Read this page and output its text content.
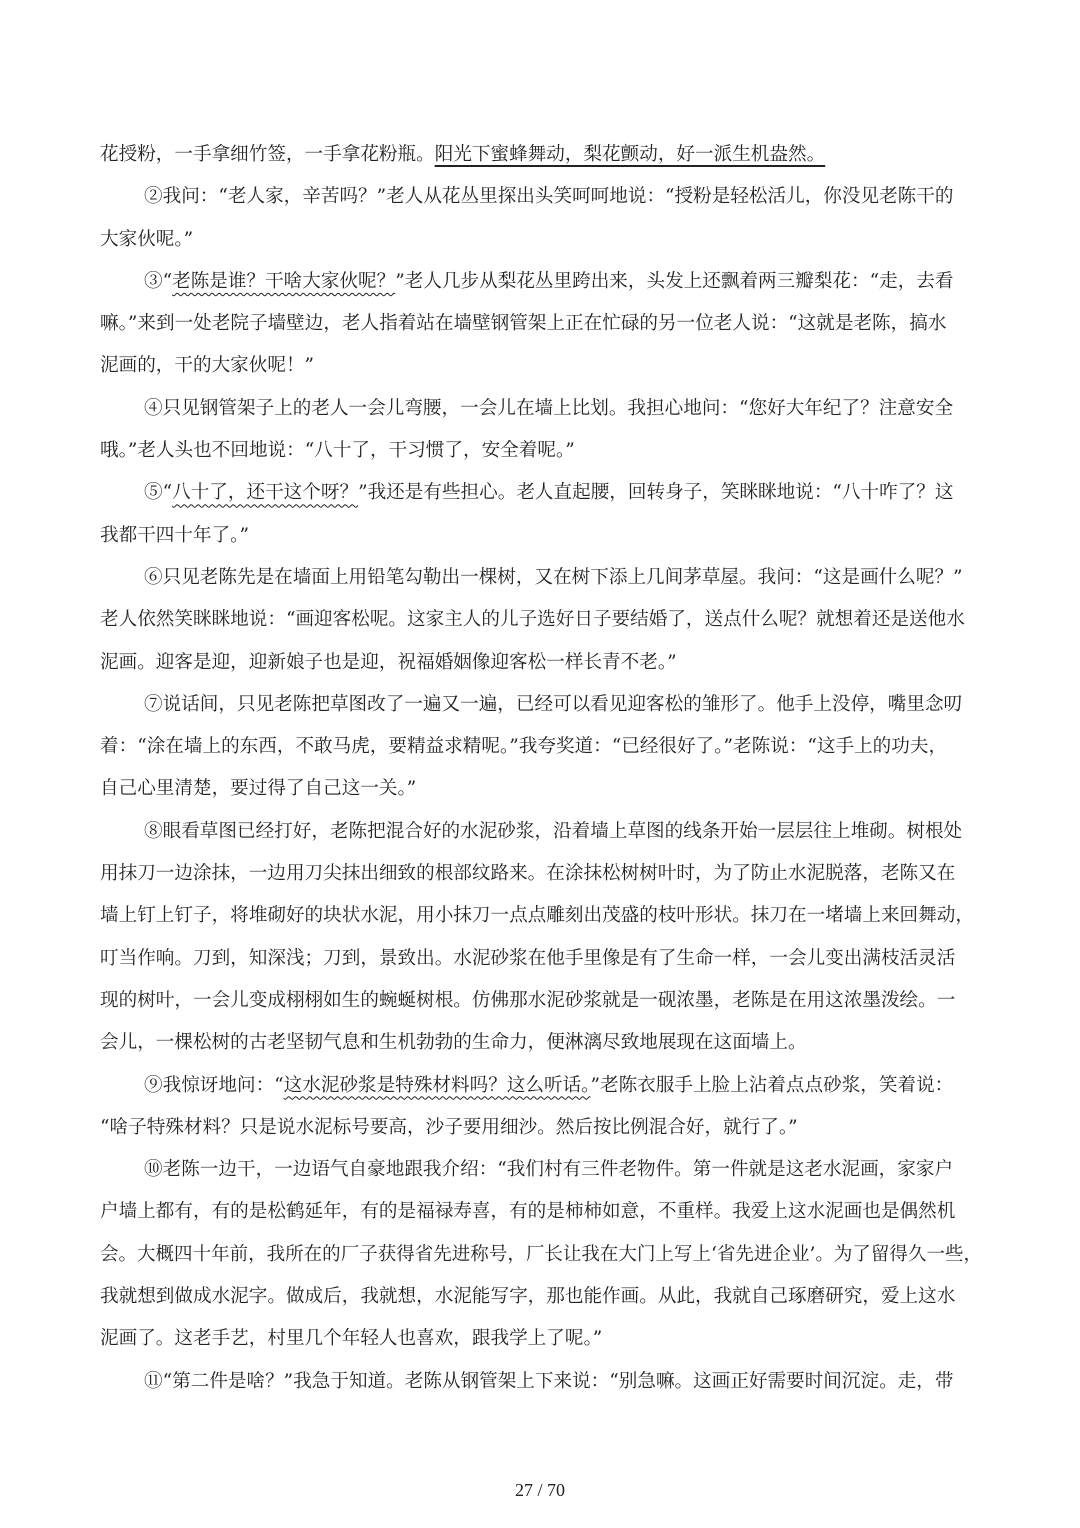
花授粉，一手拿细竹签，一手拿花粉瓶。阳光下蜜蜂舞动，梨花颤动，好一派生机盎然。
②我问：“老人家，辛苦吗？”老人从花丛里探出头笑呵呵地说：“授粉是轻松活儿，你没见老陈干的
大家伙呢。”
③“老陈是谁？干啥大家伙呢？”老人几步从梨花丛里跨出来，头发上还飘着两三瓣梨花：“走，去看
嘛。”来到一处老院子墙壁边，老人指着站在墙壁钢管架上正在忙碌的另一位老人说：“这就是老陈，搞水
泥画的，干的大家伙呢！”
④只见钢管架子上的老人一会儿弯腰，一会儿在墙上比划。我担心地问：“您好大年纪了？注意安全
哦。”老人头也不回地说：“八十了，干习惯了，安全着呢。”
⑤“八十了，还干这个呀？”我还是有些担心。老人直起腰，回转身子，笑眯眯地说：“八十咋了？这
我都干四十年了。”
⑥只见老陈先是在墙面上用铅笔勾勒出一棵树，又在树下添上几间茅草屋。我问：“这是画什么呢？”
老人依然笑眯眯地说：“画迎客松呢。这家主人的儿子选好日子要结婚了，送点什么呢？就想着还是送他水
泥画。迎客是迎，迎新娘子也是迎，祝福婚姻像迎客松一样长青不老。”
⑦说话间，只见老陈把草图改了一遍又一遍，已经可以看见迎客松的雏形了。他手上没停，嘴里念叨
着：“涂在墙上的东西，不敢马虎，要精益求精呢。”我夸奖道：“已经很好了。”老陈说：“这手上的功夫，
自己心里清楚，要过得了自己这一关。”
⑧眼看草图已经打好，老陈把混合好的水泥砂浆，沿着墙上草图的线条开始一层层往上堆砌。树根处
用抹刀一边涂抹，一边用刀尖抹出细致的根部纹路来。在涂抹松树树叶时，为了防止水泥脱落，老陈又在
墙上钉上钉子，将堆砌好的块状水泥，用小抹刀一点点雕刻出茂盛的枝叶形状。抹刀在一堵墙上来回舞动，
叮当作响。刀到，知深浅；刀到，景致出。水泥砂浆在他手里像是有了生命一样，一会儿变出满枝活灵活
现的树叶，一会儿变成栩栩如生的蜿蜒树根。仿佛那水泥砂浆就是一砚浓墨，老陈是在用这浓墨泼绘。一
会儿，一棵松树的古老坚韧气息和生机勃勃的生命力，便淋漓尽致地展现在这面墙上。
⑨我惊讶地问：“这水泥砂浆是特殊材料吗？这么听话。”老陈衣服手上脸上沾着点点砂浆，笑着说：
“啥子特殊材料？只是说水泥标号要高，沙子要用细沙。然后按比例混合好，就行了。”
⑩老陈一边干，一边语气自豪地跟我介绍：“我们村有三件老物件。第一件就是这老水泥画，家家户
户墙上都有，有的是松鹤延年，有的是福禄寿喜，有的是柿柿如意，不重样。我爱上这水泥画也是偶然机
会。大概四十年前，我所在的厂子获得省先进称号，厂长让我在大门上写上‘省先进企业’。为了留得久一些，
我就想到做成水泥字。做成后，我就想，水泥能写字，那也能作画。从此，我就自己琢磨研究，爱上这水
泥画了。这老手艺，村里几个年轻人也喜欢，跟我学上了呢。”
⑪“第二件是啥？”我急于知道。老陈从钢管架上下来说：“别急嘛。这画正好需要时间沉淀。走，带
27 / 70
